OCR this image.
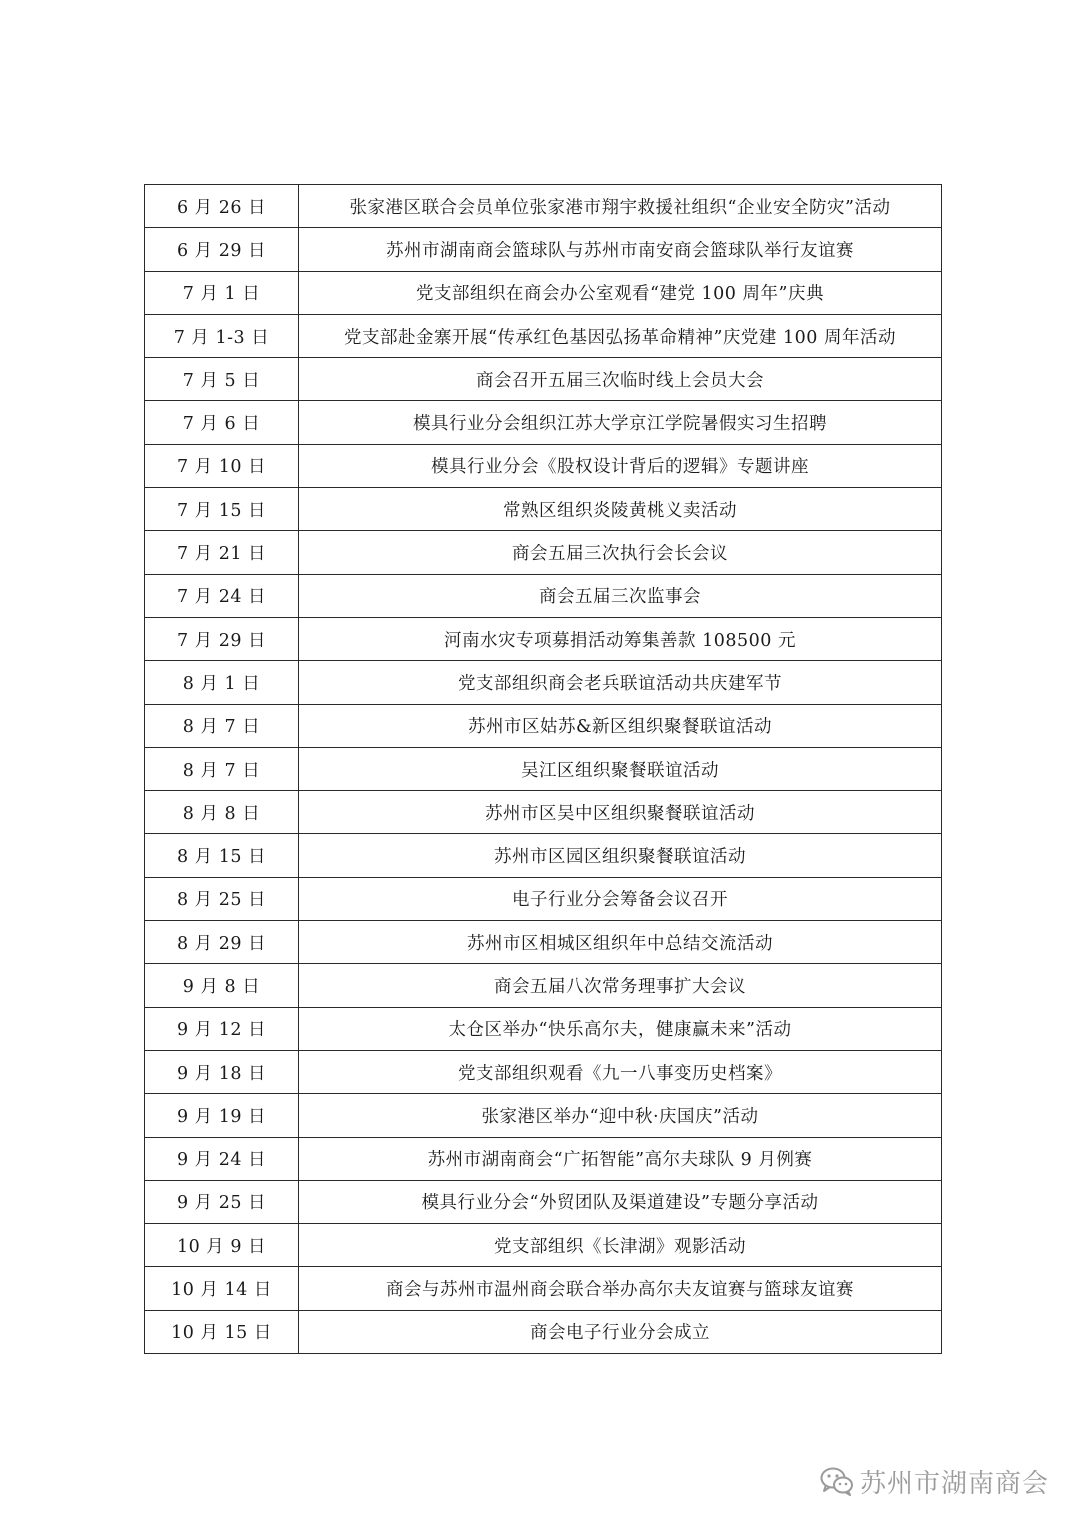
6 月 26 日	张家港区联合会员单位张家港市翔宇救援社组织“企业安全防灾”活动
6 月 29 日	苏州市湖南商会篮球队与苏州市南安商会篮球队举行友谊赛
7 月 1 日	党支部组织在商会办公室观看“建党 100 周年”庆典
7 月 1-3 日	党支部赴金寨开展“传承红色基因弘扬革命精神”庆党建 100 周年活动
7 月 5 日	商会召开五届三次临时线上会员大会
7 月 6 日	模具行业分会组织江苏大学京江学院暑假实习生招聘
7 月 10 日	模具行业分会《股权设计背后的逻辑》专题讲座
7 月 15 日	常熟区组织炎陵黄桃义卖活动
7 月 21 日	商会五届三次执行会长会议
7 月 24 日	商会五届三次监事会
7 月 29 日	河南水灾专项募捐活动筹集善款 108500 元
8 月 1 日	党支部组织商会老兵联谊活动共庆建军节
8 月 7 日	苏州市区姑苏&新区组织聚餐联谊活动
8 月 7 日	吴江区组织聚餐联谊活动
8 月 8 日	苏州市区吴中区组织聚餐联谊活动
8 月 15 日	苏州市区园区组织聚餐联谊活动
8 月 25 日	电子行业分会筹备会议召开
8 月 29 日	苏州市区相城区组织年中总结交流活动
9 月 8 日	商会五届八次常务理事扩大会议
9 月 12 日	太仓区举办“快乐高尔夫，健康赢未来”活动
9 月 18 日	党支部组织观看《九一八事变历史档案》
9 月 19 日	张家港区举办“迎中秋·庆国庆”活动
9 月 24 日	苏州市湖南商会“广拓智能”高尔夫球队 9 月例赛
9 月 25 日	模具行业分会“外贸团队及渠道建设”专题分享活动
10 月 9 日	党支部组织《长津湖》观影活动
10 月 14 日	商会与苏州市温州商会联合举办高尔夫友谊赛与篮球友谊赛
10 月 15 日	商会电子行业分会成立
苏州市湖南商会
